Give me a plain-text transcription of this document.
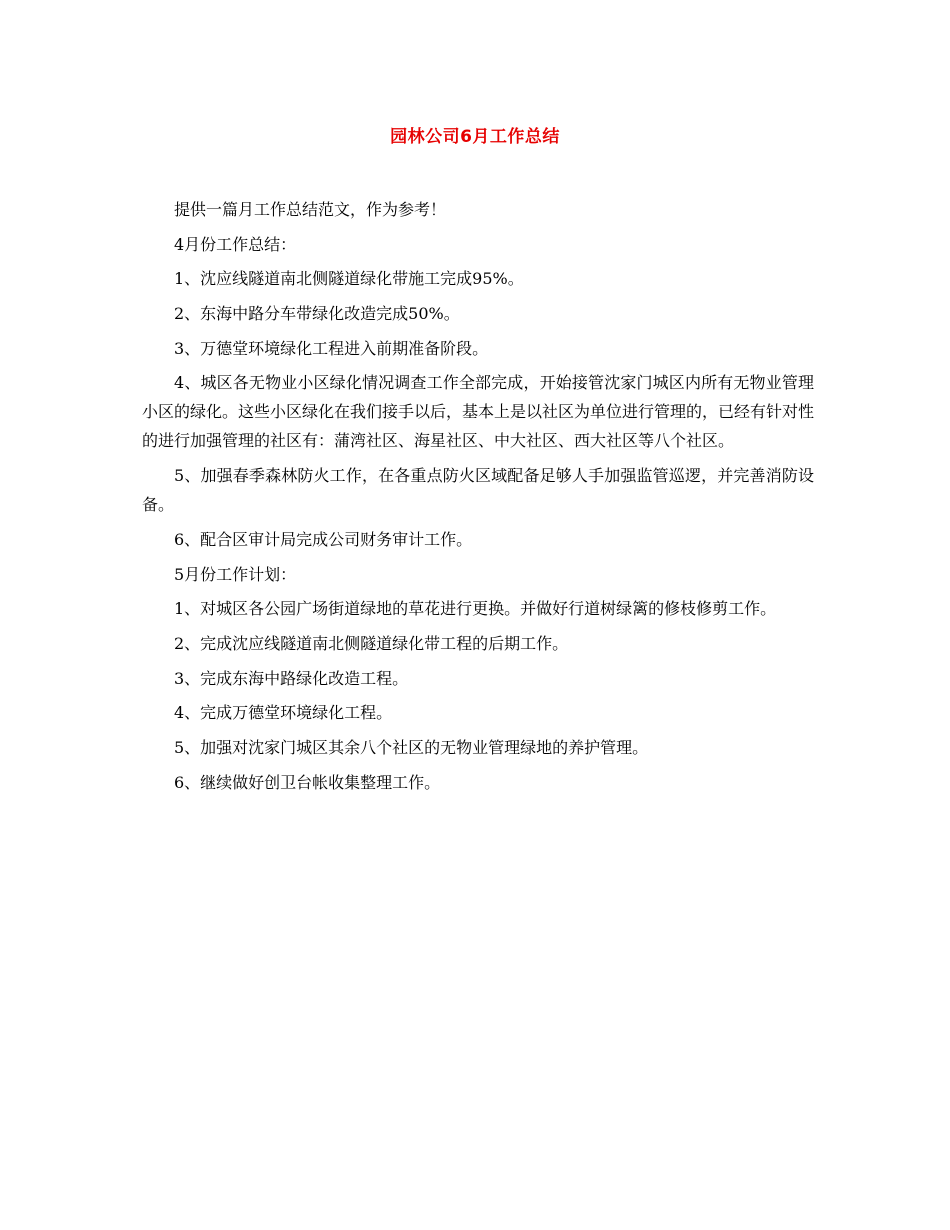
园林公司6月工作总结

提供一篇月工作总结范文，作为参考！

4月份工作总结：

1、沈应线隧道南北侧隧道绿化带施工完成95%。

2、东海中路分车带绿化改造完成50%。

3、万德堂环境绿化工程进入前期准备阶段。

4、城区各无物业小区绿化情况调查工作全部完成，开始接管沈家门城区内所有无物业管理小区的绿化。这些小区绿化在我们接手以后，基本上是以社区为单位进行管理的，已经有针对性的进行加强管理的社区有：蒲湾社区、海星社区、中大社区、西大社区等八个社区。

5、加强春季森林防火工作，在各重点防火区域配备足够人手加强监管巡逻，并完善消防设备。

6、配合区审计局完成公司财务审计工作。

5月份工作计划：

1、对城区各公园广场街道绿地的草花进行更换。并做好行道树绿篱的修枝修剪工作。

2、完成沈应线隧道南北侧隧道绿化带工程的后期工作。

3、完成东海中路绿化改造工程。

4、完成万德堂环境绿化工程。

5、加强对沈家门城区其余八个社区的无物业管理绿地的养护管理。

6、继续做好创卫台帐收集整理工作。
